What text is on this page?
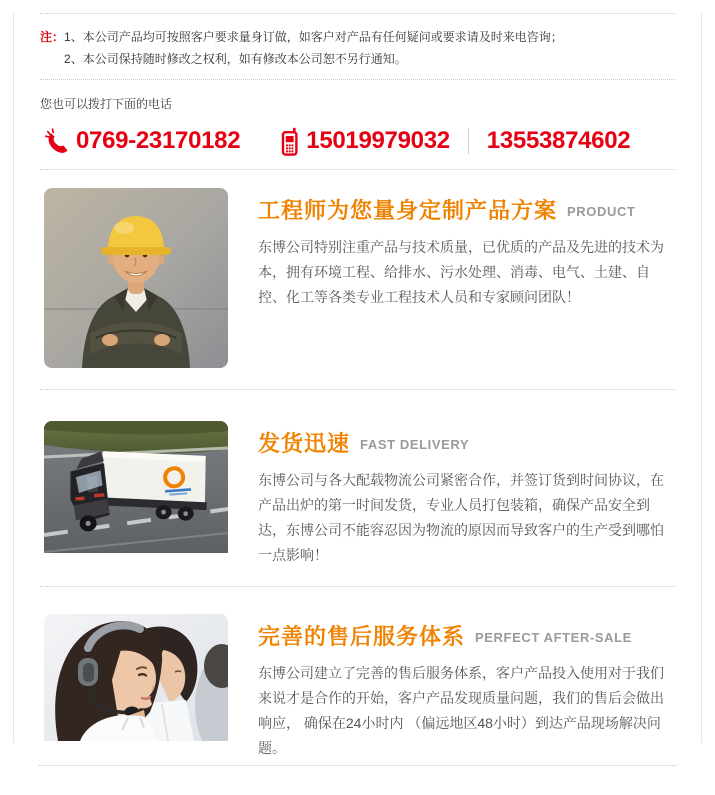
注： 1、本公司产品均可按照客户要求量身订做，如客户对产品有任何疑问或要求请及时来电咨询；
2、本公司保持随时修改之权利，如有修改本公司恕不另行通知。
您也可以拨打下面的电话
0769-23170182	15019979032 13553874602
工程师为您量身定制产品方案 PRODUCT

东博公司特别注重产品与技术质量，已优质的产品及先进的技术为本，拥有环境工程、给排水、污水处理、消毒、电气、土建、自控、化工等各类专业工程技术人员和专家顾问团队！

发货迅速 FAST DELIVERY

东博公司与各大配载物流公司紧密合作，并签订货到时间协议，在产品出炉的第一时间发货，专业人员打包装箱，确保产品安全到达，东博公司不能容忍因为物流的原因而导致客户的生产受到哪怕一点影响！

完善的售后服务体系 PERFECT AFTER-SALE

东博公司建立了完善的售后服务体系，客户产品投入使用对于我们来说才是合作的开始，客户产品发现质量问题，我们的售后会做出响应， 确保在24小时内 （偏远地区48小时）到达产品现场解决问题。
